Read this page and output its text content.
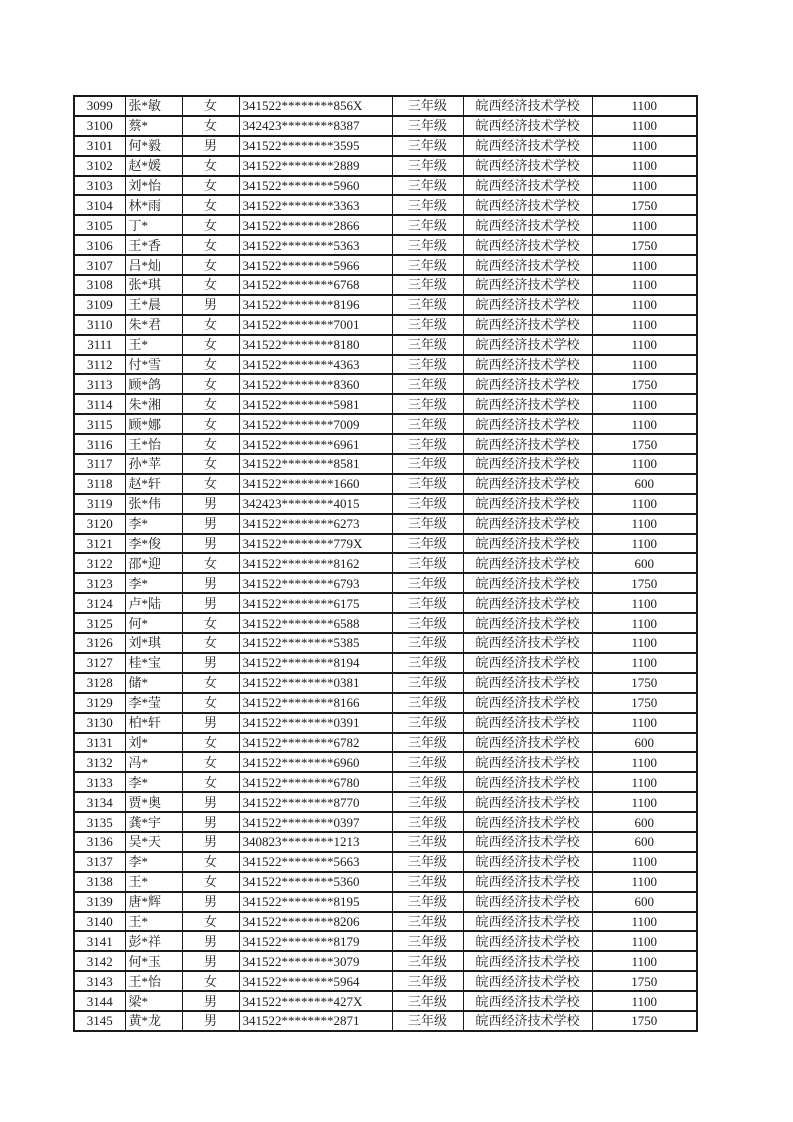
3099	张*敏	女	341522********856X	三年级	皖西经济技术学校	1100
3100	蔡*	女	342423********8387	三年级	皖西经济技术学校	1100
3101	何*毅	男	341522********3595	三年级	皖西经济技术学校	1100
3102	赵*媛	女	341522********2889	三年级	皖西经济技术学校	1100
3103	刘*怡	女	341522********5960	三年级	皖西经济技术学校	1100
3104	林*雨	女	341522********3363	三年级	皖西经济技术学校	1750
3105	丁*	女	341522********2866	三年级	皖西经济技术学校	1100
3106	王*香	女	341522********5363	三年级	皖西经济技术学校	1750
3107	吕*灿	女	341522********5966	三年级	皖西经济技术学校	1100
3108	张*琪	女	341522********6768	三年级	皖西经济技术学校	1100
3109	王*晨	男	341522********8196	三年级	皖西经济技术学校	1100
3110	朱*君	女	341522********7001	三年级	皖西经济技术学校	1100
3111	王*	女	341522********8180	三年级	皖西经济技术学校	1100
3112	付*雪	女	341522********4363	三年级	皖西经济技术学校	1100
3113	顾*鸽	女	341522********8360	三年级	皖西经济技术学校	1750
3114	朱*湘	女	341522********5981	三年级	皖西经济技术学校	1100
3115	顾*娜	女	341522********7009	三年级	皖西经济技术学校	1100
3116	王*怡	女	341522********6961	三年级	皖西经济技术学校	1750
3117	孙*苹	女	341522********8581	三年级	皖西经济技术学校	1100
3118	赵*轩	女	341522********1660	三年级	皖西经济技术学校	600
3119	张*伟	男	342423********4015	三年级	皖西经济技术学校	1100
3120	李*	男	341522********6273	三年级	皖西经济技术学校	1100
3121	李*俊	男	341522********779X	三年级	皖西经济技术学校	1100
3122	邵*迎	女	341522********8162	三年级	皖西经济技术学校	600
3123	李*	男	341522********6793	三年级	皖西经济技术学校	1750
3124	卢*陆	男	341522********6175	三年级	皖西经济技术学校	1100
3125	何*	女	341522********6588	三年级	皖西经济技术学校	1100
3126	刘*琪	女	341522********5385	三年级	皖西经济技术学校	1100
3127	桂*宝	男	341522********8194	三年级	皖西经济技术学校	1100
3128	储*	女	341522********0381	三年级	皖西经济技术学校	1750
3129	李*莹	女	341522********8166	三年级	皖西经济技术学校	1750
3130	柏*轩	男	341522********0391	三年级	皖西经济技术学校	1100
3131	刘*	女	341522********6782	三年级	皖西经济技术学校	600
3132	冯*	女	341522********6960	三年级	皖西经济技术学校	1100
3133	李*	女	341522********6780	三年级	皖西经济技术学校	1100
3134	贾*奥	男	341522********8770	三年级	皖西经济技术学校	1100
3135	龚*宇	男	341522********0397	三年级	皖西经济技术学校	600
3136	吴*天	男	340823********1213	三年级	皖西经济技术学校	600
3137	李*	女	341522********5663	三年级	皖西经济技术学校	1100
3138	王*	女	341522********5360	三年级	皖西经济技术学校	1100
3139	唐*辉	男	341522********8195	三年级	皖西经济技术学校	600
3140	王*	女	341522********8206	三年级	皖西经济技术学校	1100
3141	彭*祥	男	341522********8179	三年级	皖西经济技术学校	1100
3142	何*玉	男	341522********3079	三年级	皖西经济技术学校	1100
3143	王*怡	女	341522********5964	三年级	皖西经济技术学校	1750
3144	梁*	男	341522********427X	三年级	皖西经济技术学校	1100
3145	黄*龙	男	341522********2871	三年级	皖西经济技术学校	1750
